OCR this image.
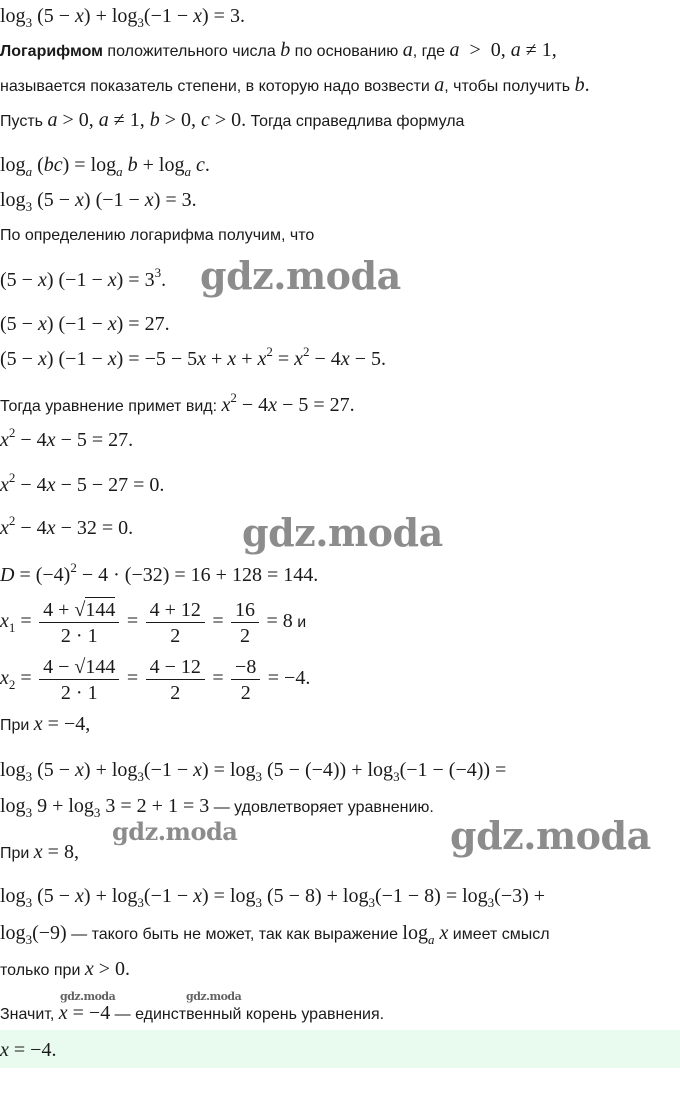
$\log_3 (5 - x) + \log_3(-1 - x) = 3$.
Логарифмом положительного числа b по основанию a, где a  >  0, a ≠ 1,
называется показатель степени, в которую надо возвести a, чтобы получить b.
Пусть a > 0, a ≠ 1, b > 0, c > 0. Тогда справедлива формула
$\log_a (bc) = \log_a b + \log_a c$.
$\log_3 (5 - x) (-1 - x) = 3$.
По определению логарифма получим, что
(5 − x) $(-1 - x) = 3^3$.
(5 − x) (−1 − x) = 27.
(5 − x) $(-1 - x) = -5 - 5x + x + x^2 = x^2 - 4x - 5$.
Тогда уравнение примет вид: $x^2 - 4x - 5 = 27$.
$x^2 - 4x - 5 = 27$.
$x^2 - 4x - 5 - 27 = 0$.
$x^2 - 4x - 32 = 0$.
$D = (-4)^2 - 4 \cdot (-32) = 16 + 128 = 144$.
$x_1 = \frac{4 + √144}{2 \cdot 1} = \frac{4 + 12}{2} = \frac{16}{2} = 8$ и
$x_2 = \frac{4 - √144}{2 \cdot 1} = \frac{4 - 12}{2} = \frac{-8}{2} = -4$.
При x = −4,
$\log_3 (5 - x) + \log_3(-1 - x) = \log_3 (5 - (-4)) + \log_3(-1 - (-4))$ =
$\log_3 9 + \log_3 3 = 2 + 1 = 3$ — удовлетворяет уравнению.
При x = 8,
$\log_3 (5 - x) + \log_3(-1 - x) = \log_3 (5 - 8) + \log_3(-1 - 8) = \log_3(-3)$ +
$\log_3(-9)$ — такого быть не может, так как выражение $\log_a x$ имеет смысл
только при x > 0.
Значит, x = −4 — единственный корень уравнения.
x = −4.
gdz.moda
gdz.moda
gdz.moda	gdz.moda
gdz.moda	gdz.moda
